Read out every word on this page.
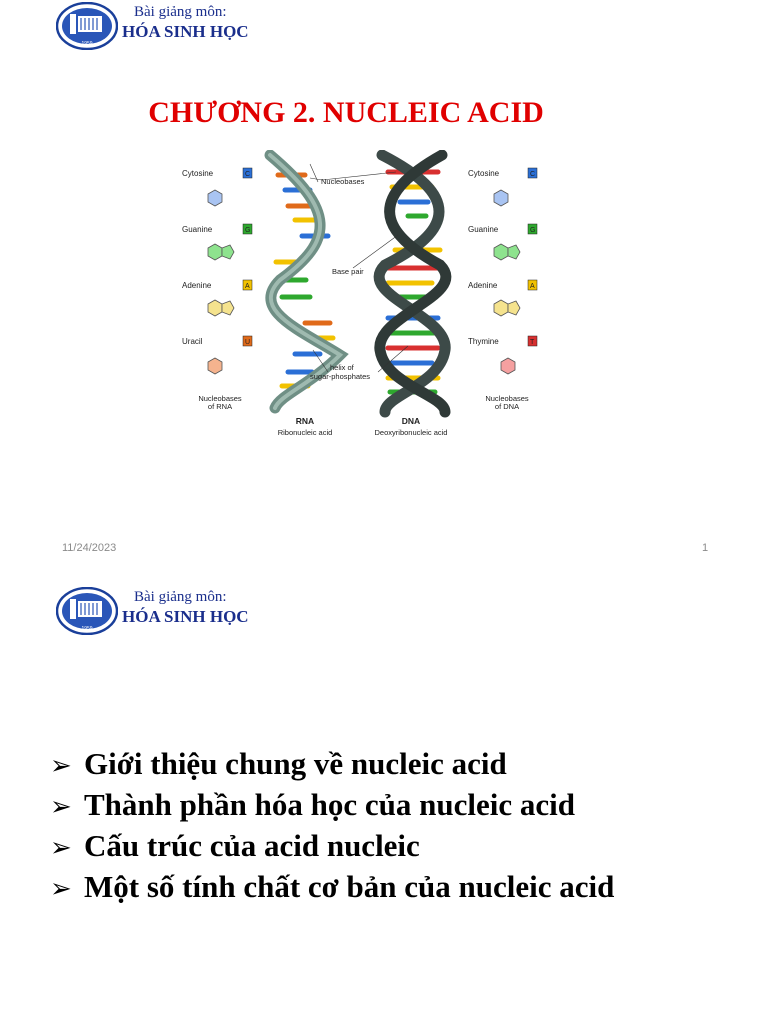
1959
Bài giảng môn:
HÓA SINH HỌC
CHƯƠNG 2. NUCLEIC ACID
Cytosine	C
Guanine	G
Adenine	A
Uracil	U
Nucleobases
of RNA
Nucleobases
Base pair
helix of
sugar-phosphates
Cytosine	C
Guanine	G
Adenine	A
Thymine	T
Nucleobases
of DNA
RNA
Ribonucleic acid
DNA
Deoxyribonucleic acid
11/24/2023	1
1959
Bài giảng môn:
HÓA SINH HỌC
➢ Giới thiệu chung về nucleic acid
➢ Thành phần hóa học của nucleic acid
➢ Cấu trúc của acid nucleic
➢ Một số tính chất cơ bản của nucleic acid
